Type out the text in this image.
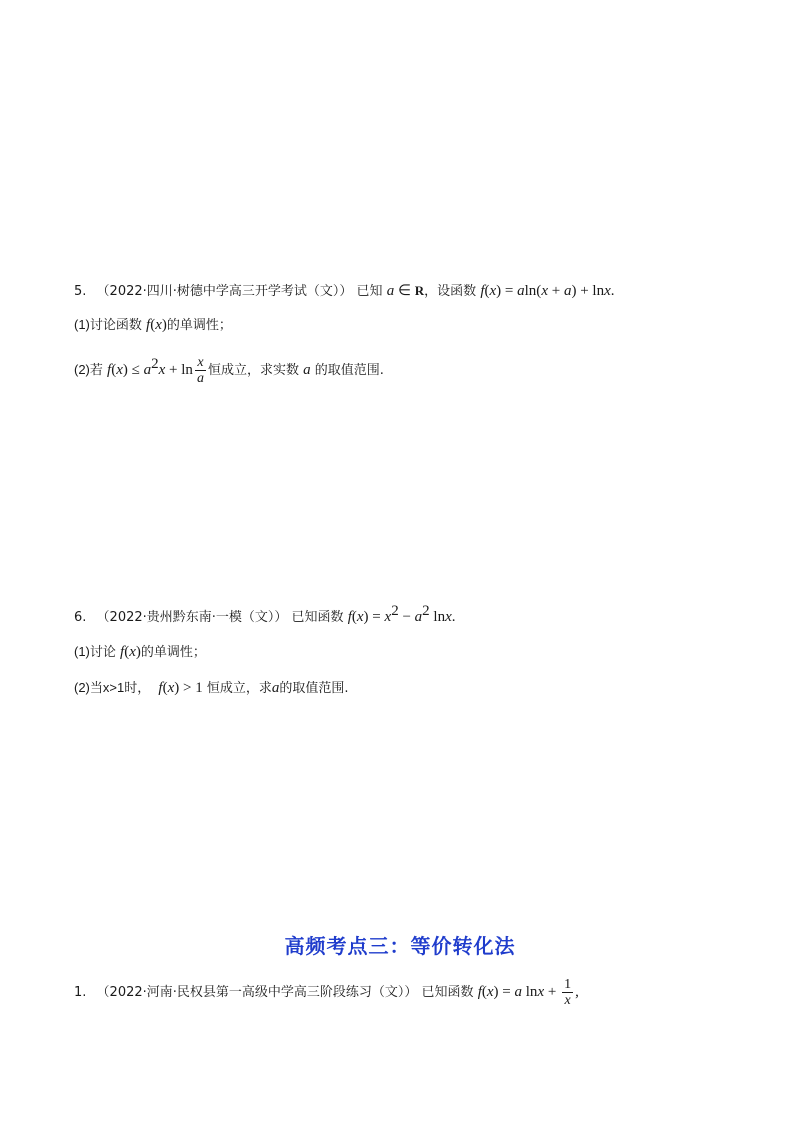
5. （2022·四川·树德中学高三开学考试（文）） 已知 a ∈ R，设函数 f(x) = aln(x + a) + lnx.
(1)讨论函数 f(x)的单调性；
(2)若 $f(x) \le a^2x + \ln \frac{x}{a}$ 恒成立，求实数 a 的取值范围.
6. （2022·贵州黔东南·一模（文）） 已知函数 $f(x) = x^2 - a^2$ lnx.
(1)讨论 f(x)的单调性；
(2)当x>1时， f(x) > 1 恒成立，求a的取值范围.
高频考点三：等价转化法
1. （2022·河南·民权县第一高级中学高三阶段练习（文）） 已知函数 f(x) = a $\ln x + \frac{1}{x}$ ,
